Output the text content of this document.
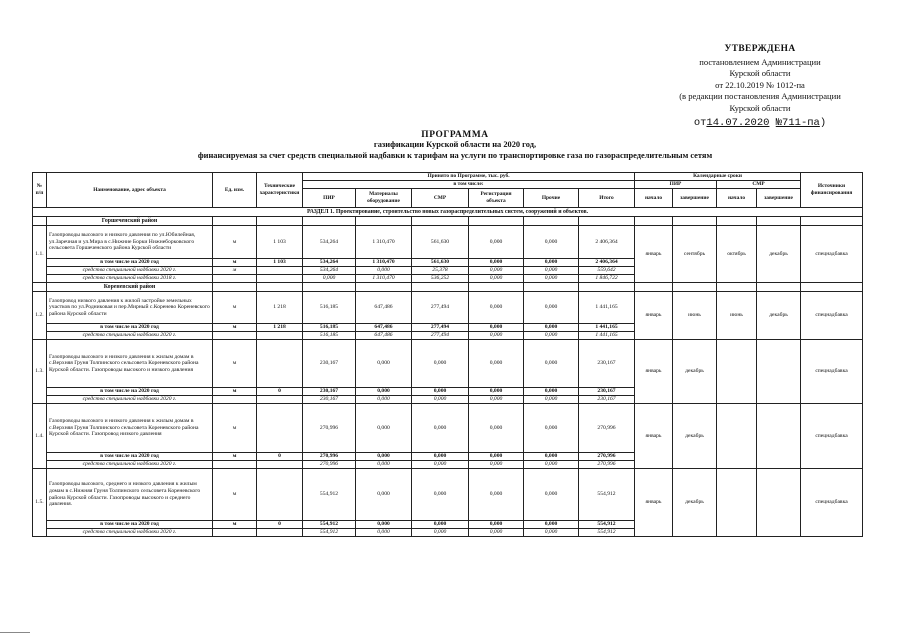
УТВЕРЖДЕНА
постановлением Администрации
Курской области
от 22.10.2019 № 1012-па
(в редакции постановления Администрации
Курской области
от14.07.2020 №711-па)
ПРОГРАММА
газификации Курской области на 2020 год,
финансируемая за счет средств специальной надбавки к тарифам на услуги по транспортировке газа по газораспределительным сетям
№ п/п	Наименование, адрес объекта	Ед. изм.	Технические характеристики	Принято по Программе, тыс. руб.						Календарные сроки				Источники финансирования
				в том числе:						ПИР		СМР		
				ПИР	Материалы оборудование	СМР	Регистрация объекта	Прочие	Итого	начало	завершение	начало	завершение	
РАЗДЕЛ 1. Проектирование, строительство новых газораспределительных систем, сооружений и объектов.														
	Горшеченский район													
1.1.	Газопроводы высокого и низкого давления по ул.Юбилейная, ул.Заречная и ул.Мира в с.Нижние Борки Нижнеборковского сельсовета Горшеченского района Курской области	м	1 103	534,264	1 310,470	561,630	0,000	0,000	2 406,364	январь	сентябрь	октябрь	декабрь	спецнадбавка
	в том числе на 2020 год	м	1 103	534,264	1 310,470	561,630	0,000	0,000	2 406,364					
	средства специальной надбавки 2020 г.	м		534,264	0,000	25,378	0,000	0,000	559,642					
	средства специальной надбавки 2018 г.			0,000	1 310,470	536,252	0,000	0,000	1 846,722					
	Кореневский район													
1.2.	Газопровод низкого давления к жилой застройке земельных участков по ул.Родниковая и пер.Мирный с.Коренево Кореневского района Курской области	м	1 218	516,185	647,486	277,494	0,000	0,000	1 441,165	январь	июнь	июнь	декабрь	спецнадбавка
	в том числе на 2020 год	м	1 218	516,185	647,486	277,494	0,000	0,000	1 441,165					
	средства специальной надбавки 2020 г.			516,185	647,486	277,494	0,000	0,000	1 441,165					
1.3.	Газопроводы высокого и низкого давления к жилым домам в с.Верхняя Груня Толпинского сельсовета Кореневского района Курской области. Газопроводы высокого и низкого давления	м		230,167	0,000	0,000	0,000	0,000	230,167	январь	декабрь			спецнадбавка
	в том числе на 2020 год	м	0	230,167	0,000	0,000	0,000	0,000	230,167					
	средства специальной надбавки 2020 г.			230,167	0,000	0,000	0,000	0,000	230,167					
1.4.	Газопроводы высокого и низкого давления к жилым домам в с.Верхняя Груня Толпинского сельсовета Кореневского района Курской области. Газопровод низкого давления	м		270,996	0,000	0,000	0,000	0,000	270,996	январь	декабрь			спецнадбавка
	в том числе на 2020 год	м	0	270,996	0,000	0,000	0,000	0,000	270,996					
	средства специальной надбавки 2020 г.			270,996	0,000	0,000	0,000	0,000	270,996					
1.5.	Газопроводы высокого, среднего и низкого давления к жилым домам в с.Нижняя Груня Толпинского сельсовета Кореневского района Курской области. Газопроводы высокого и среднего давления.	м		554,912	0,000	0,000	0,000	0,000	554,912	январь	декабрь			спецнадбавка
	в том числе на 2020 год	м	0	554,912	0,000	0,000	0,000	0,000	554,912					
	средства специальной надбавки 2020 г.			554,912	0,000	0,000	0,000	0,000	554,912					
